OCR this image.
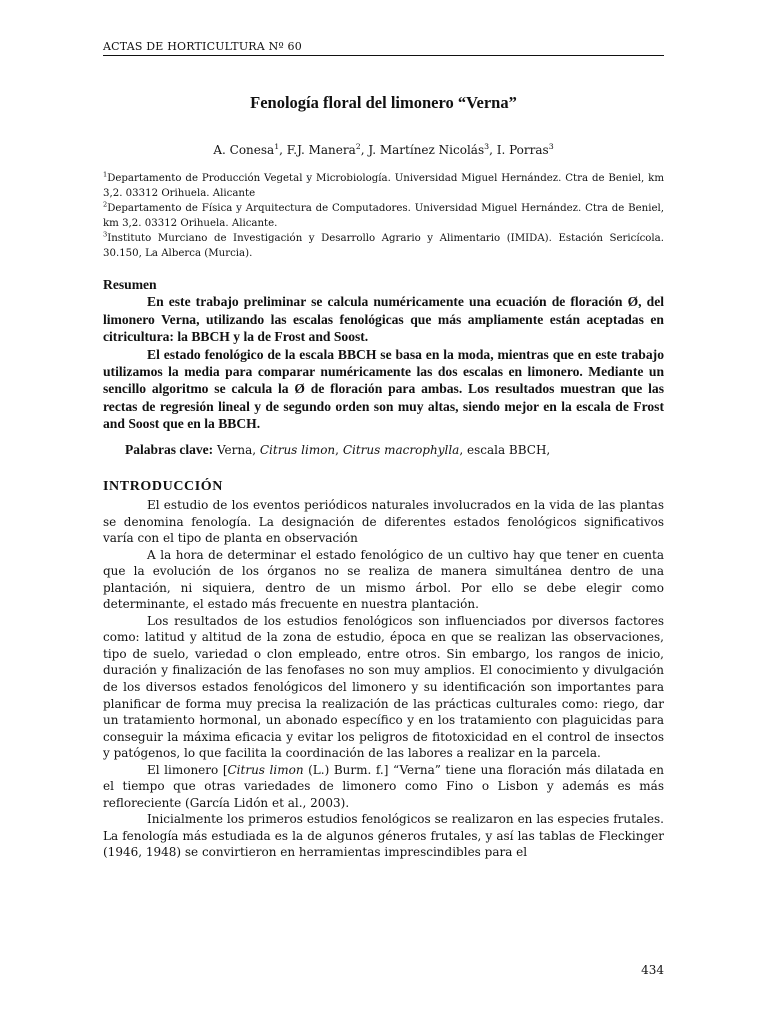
ACTAS DE HORTICULTURA Nº 60
Fenología floral del limonero “Verna”
A. Conesa$^1$, F.J. Manera$^2$, J. Martínez Nicolás$^3$, I. Porras$^3$

$^1$Departamento de Producción Vegetal y Microbiología. Universidad Miguel Hernández. Ctra de Beniel, km 3,2. 03312 Orihuela. Alicante

$^2$Departamento de Física y Arquitectura de Computadores. Universidad Miguel Hernández. Ctra de Beniel, km 3,2. 03312 Orihuela. Alicante.

$^3$Instituto Murciano de Investigación y Desarrollo Agrario y Alimentario (IMIDA). Estación Sericícola. 30.150, La Alberca (Murcia).

Resumen

En este trabajo preliminar se calcula numéricamente una ecuación de floración Ø, del limonero Verna, utilizando las escalas fenológicas que más ampliamente están aceptadas en citricultura: la BBCH y la de Frost and Soost.

El estado fenológico de la escala BBCH se basa en la moda, mientras que en este trabajo utilizamos la media para comparar numéricamente las dos escalas en limonero. Mediante un sencillo algoritmo se calcula la Ø de floración para ambas. Los resultados muestran que las rectas de regresión lineal y de segundo orden son muy altas, siendo mejor en la escala de Frost and Soost que en la BBCH.

Palabras clave: Verna, Citrus limon, Citrus macrophylla, escala BBCH,
INTRODUCCIÓN

El estudio de los eventos periódicos naturales involucrados en la vida de las plantas se denomina fenología. La designación de diferentes estados fenológicos significativos varía con el tipo de planta en observación

A la hora de determinar el estado fenológico de un cultivo hay que tener en cuenta que la evolución de los órganos no se realiza de manera simultánea dentro de una plantación, ni siquiera, dentro de un mismo árbol. Por ello se debe elegir como determinante, el estado más frecuente en nuestra plantación.

Los resultados de los estudios fenológicos son influenciados por diversos factores como: latitud y altitud de la zona de estudio, época en que se realizan las observaciones, tipo de suelo, variedad o clon empleado, entre otros. Sin embargo, los rangos de inicio, duración y finalización de las fenofases no son muy amplios. El conocimiento y divulgación de los diversos estados fenológicos del limonero y su identificación son importantes para planificar de forma muy precisa la realización de las prácticas culturales como: riego, dar un tratamiento hormonal, un abonado específico y en los tratamiento con plaguicidas para conseguir la máxima eficacia y evitar los peligros de fitotoxicidad en el control de insectos y patógenos, lo que facilita la coordinación de las labores a realizar en la parcela.

El limonero [Citrus limon (L.) Burm. f.] “Verna” tiene una floración más dilatada en el tiempo que otras variedades de limonero como Fino o Lisbon y además es más reflorecientе (García Lidón et al., 2003).

Inicialmente los primeros estudios fenológicos se realizaron en las especies frutales. La fenología más estudiada es la de algunos géneros frutales, y así las tablas de Fleckinger (1946, 1948) se convirtieron en herramientas imprescindibles para el

434
